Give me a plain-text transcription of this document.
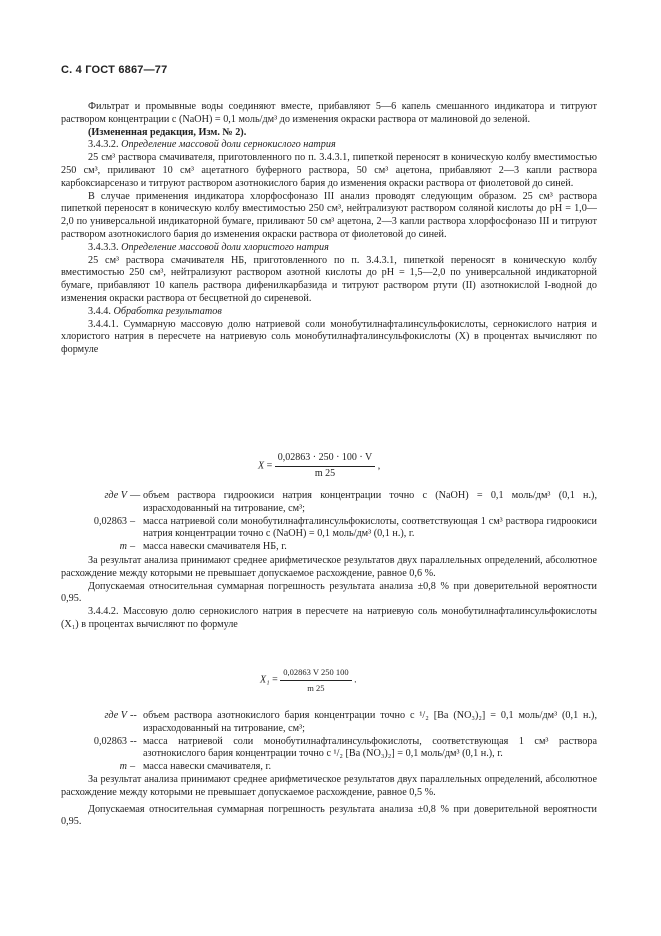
С. 4 ГОСТ 6867—77

Фильтрат и промывные воды соединяют вместе, прибавляют 5—6 капель смешанного индикатора и титруют раствором концентрации c (NaOH) = 0,1 моль/дм³ до изменения окраски раствора от малиновой до зеленой.

(Измененная редакция, Изм. № 2).

3.4.3.2. Определение массовой доли сернокислого натрия

25 см³ раствора смачивателя, приготовленного по п. 3.4.3.1, пипеткой переносят в коническую колбу вместимостью 250 см³, приливают 10 см³ ацетатного буферного раствора, 50 см³ ацетона, прибавляют 2—3 капли раствора карбоксиарсеназо и титруют раствором азотнокислого бария до изменения окраски раствора от фиолетовой до синей.

В случае применения индикатора хлорфосфоназо III анализ проводят следующим образом. 25 см³ раствора пипеткой переносят в коническую колбу вместимостью 250 см³, нейтрализуют раствором соляной кислоты до pH = 1,0—2,0 по универсальной индикаторной бумаге, приливают 50 см³ ацетона, 2—3 капли раствора хлорфосфоназо III и титруют раствором азотнокислого бария до изменения окраски раствора от фиолетовой до синей.

3.4.3.3. Определение массовой доли хлористого натрия

25 см³ раствора смачивателя НБ, приготовленного по п. 3.4.3.1, пипеткой переносят в коническую колбу вместимостью 250 см³, нейтрализуют раствором азотной кислоты до pH = 1,5—2,0 по универсальной индикаторной бумаге, прибавляют 10 капель раствора дифенилкарбазида и титруют раствором ртути (II) азотнокислой I-водной до изменения окраски раствора от бесцветной до сиреневой.

3.4.4. Обработка результатов

3.4.4.1. Суммарную массовую долю натриевой соли монобутилнафталинсульфокислоты, сернокислого натрия и хлористого натрия в пересчете на натриевую соль монобутилнафталинсульфокислоты (X) в процентах вычисляют по формуле

$X = \frac{0,02863 \cdot 250 \cdot 100 \cdot V}{m 25}$ ,
где V — объем раствора гидроокиси натрия концентрации точно c (NaOH) = 0,1 моль/дм³ (0,1 н.), израсходованный на титрование, см³;
0,02863 – масса натриевой соли монобутилнафталинсульфокислоты, соответствующая 1 см³ раствора гидроокиси натрия концентрации точно c (NaOH) = 0,1 моль/дм³ (0,1 н.), г.
m – масса навески смачивателя НБ, г.

За результат анализа принимают среднее арифметическое результатов двух параллельных определений, абсолютное расхождение между которыми не превышает допускаемое расхождение, равное 0,6 %.

Допускаемая относительная суммарная погрешность результата анализа ±0,8 % при доверительной вероятности 0,95.

3.4.4.2. Массовую долю сернокислого натрия в пересчете на натриевую соль монобутилнафталинсульфокислоты (X₁) в процентах вычисляют по формуле

$X_1 = \frac{0,02863 V 250 100}{m 25}$ .
где V -- объем раствора азотнокислого бария концентрации точно c ¹/₂ [Ba (NO₃)₂] = 0,1 моль/дм³ (0,1 н.), израсходованный на титрование, см³;
0,02863 -- масса натриевой соли монобутилнафталинсульфокислоты, соответствующая 1 см³ раствора азотнокислого бария концентрации точно c ¹/₂ [Ba (NO₃)₂] = 0,1 моль/дм³ (0,1 н.), г.
m – масса навески смачивателя, г.

За результат анализа принимают среднее арифметическое результатов двух параллельных определений, абсолютное расхождение между которыми не превышает допускаемое расхождение, равное 0,5 %.

Допускаемая относительная суммарная погрешность результата анализа ±0,8 % при доверительной вероятности 0,95.
